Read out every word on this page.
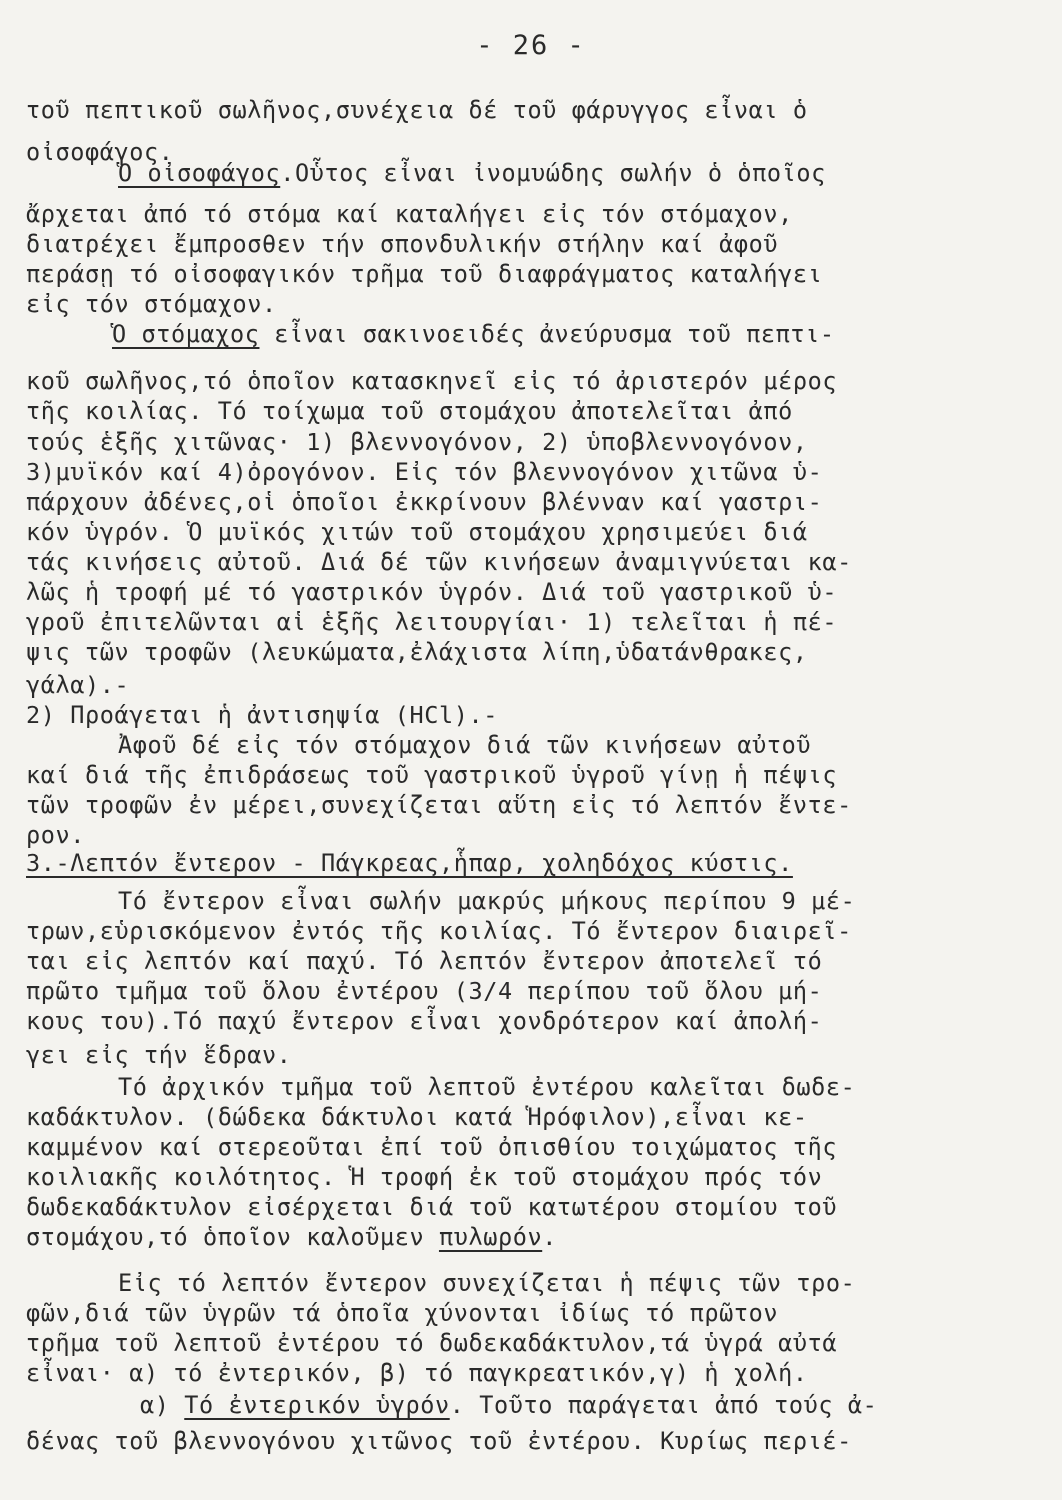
- 26 -
τοῦ πεπτικοῦ σωλῆνος,συνέχεια δέ τοῦ φάρυγγος εἶναι ὁ
οἰσοφάγος.
Ὁ οἰσοφάγος.Οὗτος εἶναι ἰνομυώδης σωλήν ὁ ὁποῖος
ἄρχεται ἀπό τό στόμα καί καταλήγει εἰς τόν στόμαχον,
διατρέχει ἔμπροσθεν τήν σπονδυλικήν στήλην καί ἀφοῦ
περάσῃ τό οἰσοφαγικόν τρῆμα τοῦ διαφράγματος καταλήγει
εἰς τόν στόμαχον.
Ὁ στόμαχος εἶναι σακινοειδές ἀνεύρυσμα τοῦ πεπτι-
κοῦ σωλῆνος,τό ὁποῖον κατασκηνεῖ εἰς τό ἀριστερόν μέρος
τῆς κοιλίας. Τό τοίχωμα τοῦ στομάχου ἀποτελεῖται ἀπό
τούς ἑξῆς χιτῶνας· 1) βλεννογόνον, 2) ὑποβλεννογόνον,
3)μυϊκόν καί 4)ὀρογόνον. Εἰς τόν βλεννογόνον χιτῶνα ὑ-
πάρχουν ἀδένες,οἱ ὁποῖοι ἐκκρίνουν βλένναν καί γαστρι-
κόν ὑγρόν. Ὁ μυϊκός χιτών τοῦ στομάχου χρησιμεύει διά
τάς κινήσεις αὐτοῦ. Διά δέ τῶν κινήσεων ἀναμιγνύεται κα-
λῶς ἡ τροφή μέ τό γαστρικόν ὑγρόν. Διά τοῦ γαστρικοῦ ὑ-
γροῦ ἐπιτελῶνται αἱ ἑξῆς λειτουργίαι· 1) τελεῖται ἡ πέ-
ψις τῶν τροφῶν (λευκώματα,ἐλάχιστα λίπη,ὑδατάνθρακες,
γάλα).-
2) Προάγεται ἡ ἀντισηψία (HCl).-
Ἀφοῦ δέ εἰς τόν στόμαχον διά τῶν κινήσεων αὐτοῦ
καί διά τῆς ἐπιδράσεως τοῦ γαστρικοῦ ὑγροῦ γίνῃ ἡ πέψις
τῶν τροφῶν ἐν μέρει,συνεχίζεται αὕτη εἰς τό λεπτόν ἔντε-
ρον.
3.-Λεπτόν ἔντερον - Πάγκρεας,ἧπαρ, χοληδόχος κύστις.
Τό ἔντερον εἶναι σωλήν μακρύς μήκους περίπου 9 μέ-
τρων,εὑρισκόμενον ἐντός τῆς κοιλίας. Τό ἔντερον διαιρεῖ-
ται εἰς λεπτόν καί παχύ. Τό λεπτόν ἔντερον ἀποτελεῖ τό
πρῶτο τμῆμα τοῦ ὅλου ἐντέρου (3/4 περίπου τοῦ ὅλου μή-
κους του).Τό παχύ ἔντερον εἶναι χονδρότερον καί ἀπολή-
γει εἰς τήν ἕδραν.
Τό ἀρχικόν τμῆμα τοῦ λεπτοῦ ἐντέρου καλεῖται δωδε-
καδάκτυλον. (δώδεκα δάκτυλοι κατά Ἡρόφιλον),εἶναι κε-
καμμένον καί στερεοῦται ἐπί τοῦ ὀπισθίου τοιχώματος τῆς
κοιλιακῆς κοιλότητος. Ἡ τροφή ἐκ τοῦ στομάχου πρός τόν
δωδεκαδάκτυλον εἰσέρχεται διά τοῦ κατωτέρου στομίου τοῦ
στομάχου,τό ὁποῖον καλοῦμεν πυλωρόν.
Εἰς τό λεπτόν ἔντερον συνεχίζεται ἡ πέψις τῶν τρο-
φῶν,διά τῶν ὑγρῶν τά ὁποῖα χύνονται ἰδίως τό πρῶτον
τρῆμα τοῦ λεπτοῦ ἐντέρου τό δωδεκαδάκτυλον,τά ὑγρά αὐτά
εἶναι· α) τό ἐντερικόν, β) τό παγκρεατικόν,γ) ἡ χολή.
α) Τό ἐντερικόν ὑγρόν. Τοῦτο παράγεται ἀπό τούς ἀ-
δένας τοῦ βλεννογόνου χιτῶνος τοῦ ἐντέρου. Κυρίως περιέ-
